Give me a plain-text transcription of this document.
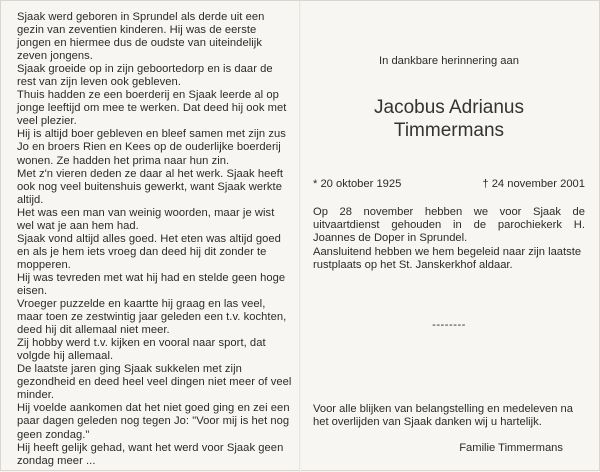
Sjaak werd geboren in Sprundel als derde uit een gezin van zeventien kinderen. Hij was de eerste jongen en hiermee dus de oudste van uiteindelijk zeven jongens.

Sjaak groeide op in zijn geboortedorp en is daar de rest van zijn leven ook gebleven.

Thuis hadden ze een boerderij en Sjaak leerde al op jonge leeftijd om mee te werken. Dat deed hij ook met veel plezier.

Hij is altijd boer gebleven en bleef samen met zijn zus Jo en broers Rien en Kees op de ouderlijke boerderij wonen. Ze hadden het prima naar hun zin.

Met z'n vieren deden ze daar al het werk. Sjaak heeft ook nog veel buitenshuis gewerkt, want Sjaak werkte altijd.

Het was een man van weinig woorden, maar je wist wel wat je aan hem had.

Sjaak vond altijd alles goed. Het eten was altijd goed en als je hem iets vroeg dan deed hij dit zonder te mopperen.

Hij was tevreden met wat hij had en stelde geen hoge eisen.

Vroeger puzzelde en kaartte hij graag en las veel, maar toen ze zestwintig jaar geleden een t.v. kochten, deed hij dit allemaal niet meer.

Zij hobby werd t.v. kijken en vooral naar sport, dat volgde hij allemaal.

De laatste jaren ging Sjaak sukkelen met zijn gezondheid en deed heel veel dingen niet meer of veel minder.

Hij voelde aankomen dat het niet goed ging en zei een paar dagen geleden nog tegen Jo: "Voor mij is het nog geen zondag."

Hij heeft gelijk gehad, want het werd voor Sjaak geen zondag meer ...

In dankbare herinnering aan
Jacobus Adrianus
Timmermans
* 20 oktober 1925	† 24 november 2001

Op 28 november hebben we voor Sjaak de uitvaartdienst gehouden in de parochiekerk H. Joannes de Doper in Sprundel.

Aansluitend hebben we hem begeleid naar zijn laatste rustplaats op het St. Janskerkhof aldaar.

--------

Voor alle blijken van belangstelling en medeleven na het overlijden van Sjaak danken wij u hartelijk.

Familie Timmermans
